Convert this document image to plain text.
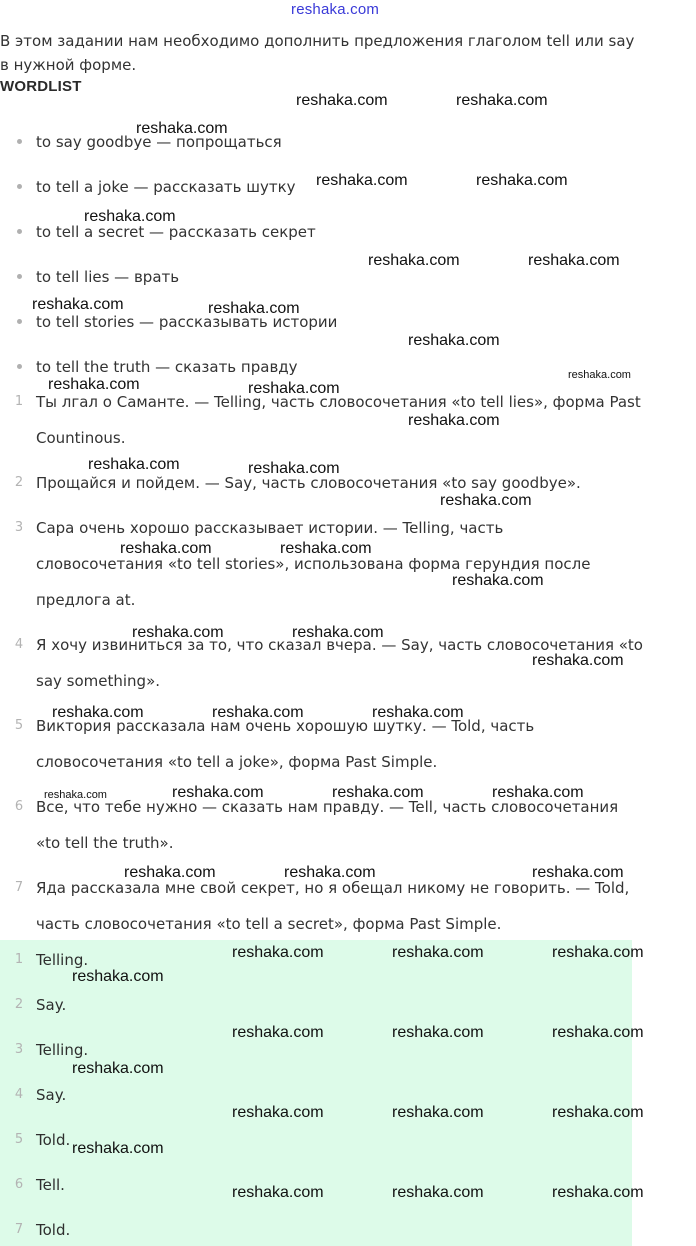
reshaka.com

В этом задании нам необходимо дополнить предложения глаголом tell или say
в нужной форме.

WORDLIST
to say goodbye — попрощаться
to tell a joke — рассказать шутку
to tell a secret — рассказать секрет
to tell lies — врать
to tell stories — рассказывать истории
to tell the truth — сказать правду
1 Ты лгал о Саманте. — Telling, часть словосочетания «to tell lies», форма Past
Countinous.
2 Прощайся и пойдем. — Say, часть словосочетания «to say goodbye».
3 Сара очень хорошо рассказывает истории. — Telling, часть
словосочетания «to tell stories», использована форма герундия после
предлога at.
4 Я хочу извиниться за то, что сказал вчера. — Say, часть словосочетания «to
say something».
5 Виктория рассказала нам очень хорошую шутку. — Told, часть
словосочетания «to tell a joke», форма Past Simple.
6 Все, что тебе нужно — сказать нам правду. — Tell, часть словосочетания
«to tell the truth».
7 Яда рассказала мне свой секрет, но я обещал никому не говорить. — Told,
часть словосочетания «to tell a secret», форма Past Simple.
1 Telling.
2 Say.
3 Telling.
4 Say.
5 Told.
6 Tell.
7 Told.
reshaka.com	reshaka.com
reshaka.com
reshaka.com	reshaka.com
reshaka.com
reshaka.com	reshaka.com
reshaka.com	reshaka.com
reshaka.com
reshaka.com	reshaka.com
reshaka.com
reshaka.com
reshaka.com	reshaka.com
reshaka.com
reshaka.com	reshaka.com
reshaka.com
reshaka.com	reshaka.com
reshaka.com
reshaka.com	reshaka.com	reshaka.com
reshaka.com	reshaka.com	reshaka.com	reshaka.com
reshaka.com	reshaka.com	reshaka.com
reshaka.com	reshaka.com	reshaka.com
reshaka.com
reshaka.com	reshaka.com	reshaka.com
reshaka.com
reshaka.com	reshaka.com	reshaka.com
reshaka.com
reshaka.com	reshaka.com	reshaka.com
